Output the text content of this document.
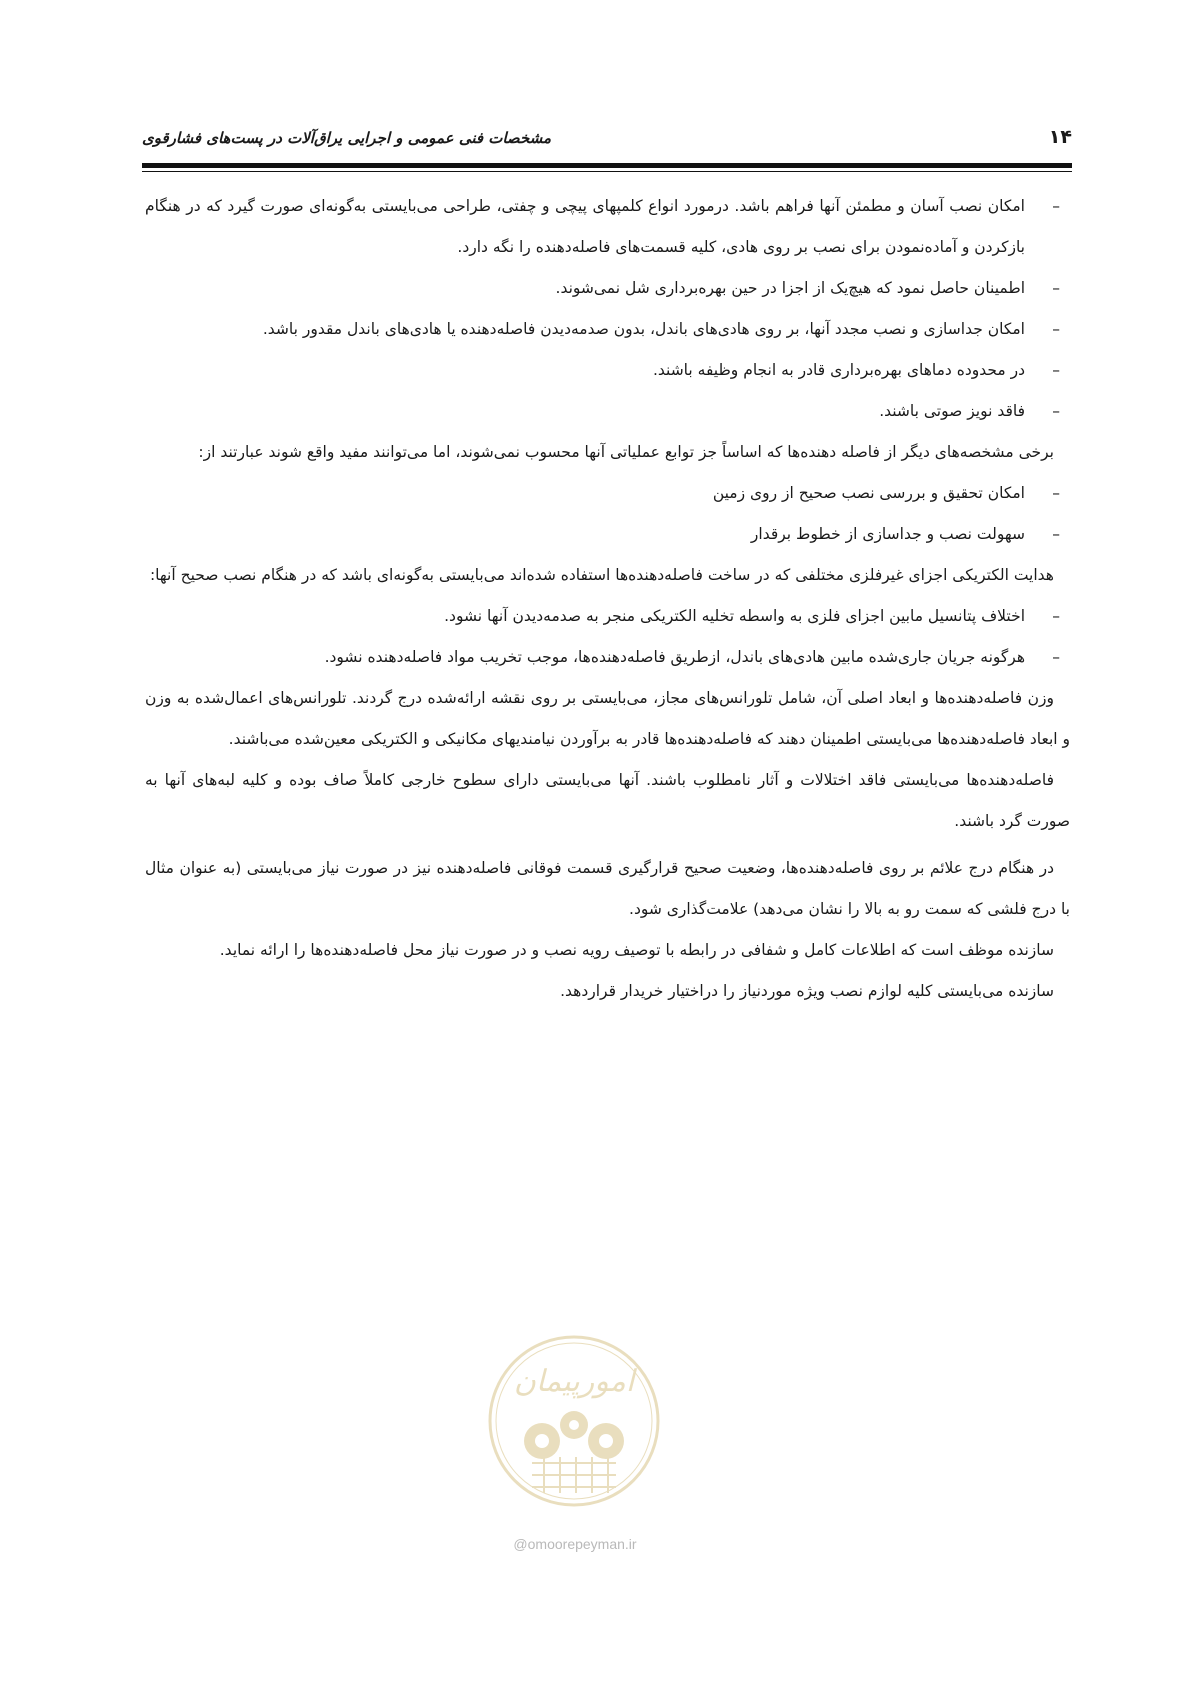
۱۴
مشخصات فنی عمومی و اجرایی یراق‌آلات در پست‌های فشارقوی

–
امکان نصب آسان و مطمئن آنها فراهم باشد. درمورد انواع کلمپهای پیچی و چفتی، طراحی می‌بایستی به‌گونه‌ای صورت گیرد که در هنگام بازکردن و آماده‌نمودن برای نصب بر روی هادی، کلیه قسمت‌های فاصله‌دهنده را نگه دارد.

–
اطمینان حاصل نمود که هیچ‌یک از اجزا در حین بهره‌برداری شل نمی‌شوند.

–
امکان جداسازی و نصب مجدد آنها، بر روی هادی‌های باندل، بدون صدمه‌دیدن فاصله‌دهنده یا هادی‌های باندل مقدور باشد.

–
در محدوده دماهای بهره‌برداری قادر به انجام وظیفه باشند.

–
فاقد نویز صوتی باشند.

برخی مشخصه‌های دیگر از فاصله دهنده‌ها که اساساً جز توابع عملیاتی آنها محسوب نمی‌شوند، اما می‌توانند مفید واقع شوند عبارتند از:

–
امکان تحقیق و بررسی نصب صحیح از روی زمین

–
سهولت نصب و جداسازی از خطوط برقدار

هدایت الکتریکی اجزای غیرفلزی مختلفی که در ساخت فاصله‌دهنده‌ها استفاده شده‌اند می‌بایستی به‌گونه‌ای باشد که در هنگام نصب صحیح آنها:

–
اختلاف پتانسیل مابین اجزای فلزی به واسطه تخلیه الکتریکی منجر به صدمه‌دیدن آنها نشود.

–
هرگونه جریان جاری‌شده مابین هادی‌های باندل، ازطریق فاصله‌دهنده‌ها، موجب تخریب مواد فاصله‌دهنده نشود.

وزن فاصله‌دهنده‌ها و ابعاد اصلی آن، شامل تلورانس‌های مجاز، می‌بایستی بر روی نقشه ارائه‌شده درج گردند. تلورانس‌های اعمال‌شده به وزن و ابعاد فاصله‌دهنده‌ها می‌بایستی اطمینان دهند که فاصله‌دهنده‌ها قادر به برآوردن نیامندیهای مکانیکی و الکتریکی معین‌شده می‌باشند.

فاصله‌دهنده‌ها می‌بایستی فاقد اختلالات و آثار نامطلوب باشند. آنها می‌بایستی دارای سطوح خارجی کاملاً صاف بوده و کلیه لبه‌های آنها به صورت گرد باشند.

در هنگام درج علائم بر روی فاصله‌دهنده‌ها، وضعیت صحیح قرارگیری قسمت فوقانی فاصله‌دهنده نیز در صورت نیاز می‌بایستی (به عنوان مثال با درج فلشی که سمت رو به بالا را نشان می‌دهد) علامت‌گذاری شود.

سازنده موظف است که اطلاعات کامل و شفافی در رابطه با توصیف رویه نصب و در صورت نیاز محل فاصله‌دهنده‌ها را ارائه نماید.

سازنده می‌بایستی کلیه لوازم نصب ویژه موردنیاز را دراختیار خریدار قراردهد.

امورپیمان
@omoorepeyman.ir
